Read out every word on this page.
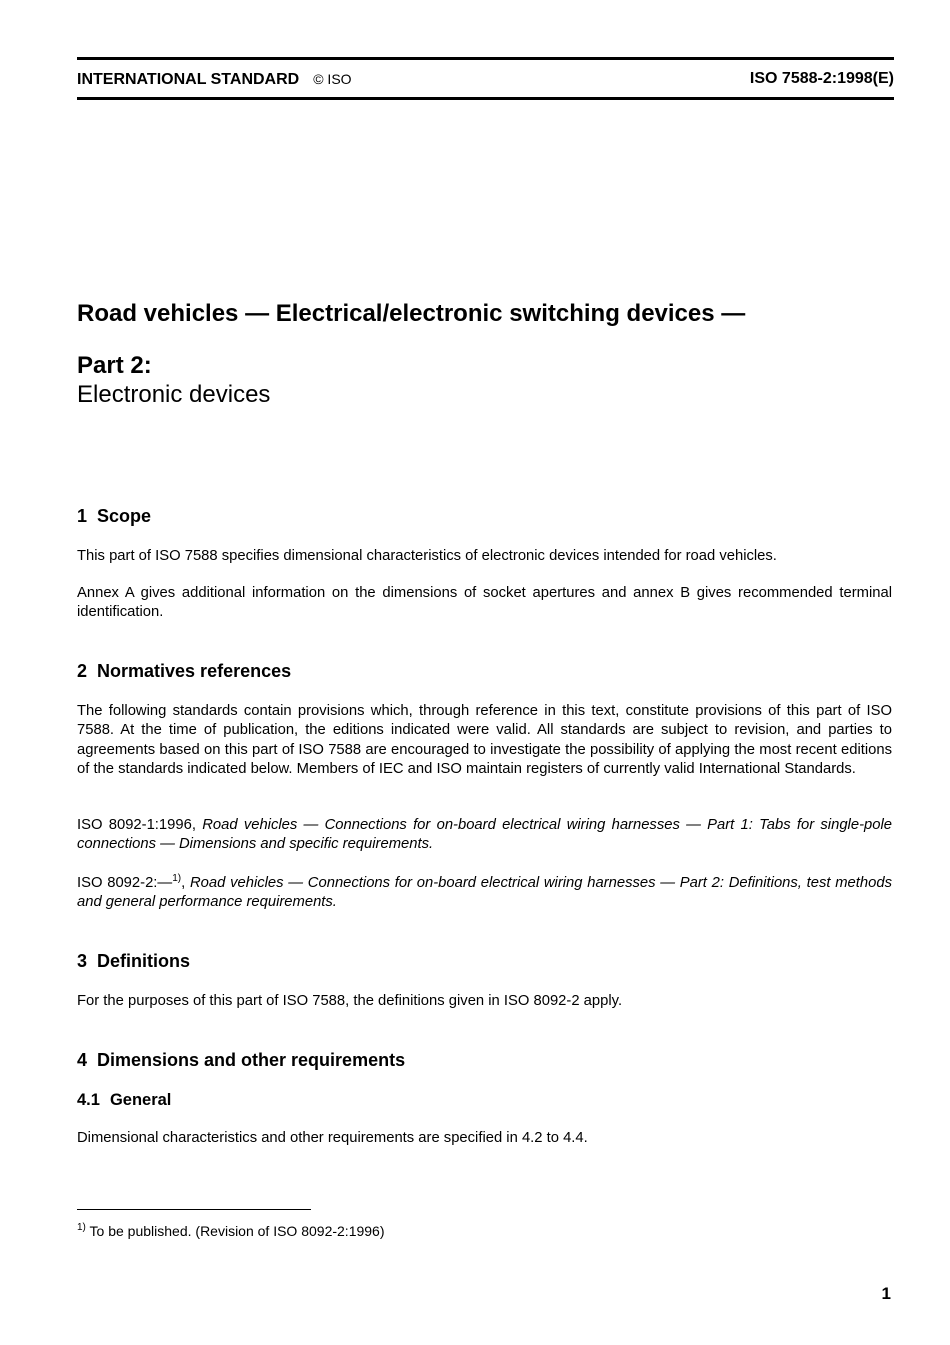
INTERNATIONAL STANDARD © ISO	ISO 7588-2:1998(E)
Road vehicles — Electrical/electronic switching devices —
Part 2:
Electronic devices
1 Scope

This part of ISO 7588 specifies dimensional characteristics of electronic devices intended for road vehicles.

Annex A gives additional information on the dimensions of socket apertures and annex B gives recommended terminal identification.

2 Normatives references

The following standards contain provisions which, through reference in this text, constitute provisions of this part of ISO 7588. At the time of publication, the editions indicated were valid. All standards are subject to revision, and parties to agreements based on this part of ISO 7588 are encouraged to investigate the possibility of applying the most recent editions of the standards indicated below. Members of IEC and ISO maintain registers of currently valid International Standards.

ISO 8092-1:1996, Road vehicles — Connections for on-board electrical wiring harnesses — Part 1: Tabs for single-pole connections — Dimensions and specific requirements.

ISO 8092-2:—$^{1)}$, Road vehicles — Connections for on-board electrical wiring harnesses — Part 2: Definitions, test methods and general performance requirements.

3 Definitions

For the purposes of this part of ISO 7588, the definitions given in ISO 8092-2 apply.

4 Dimensions and other requirements
4.1 General

Dimensional characteristics and other requirements are specified in 4.2 to 4.4.

$^{1)}$ To be published. (Revision of ISO 8092-2:1996)
1
